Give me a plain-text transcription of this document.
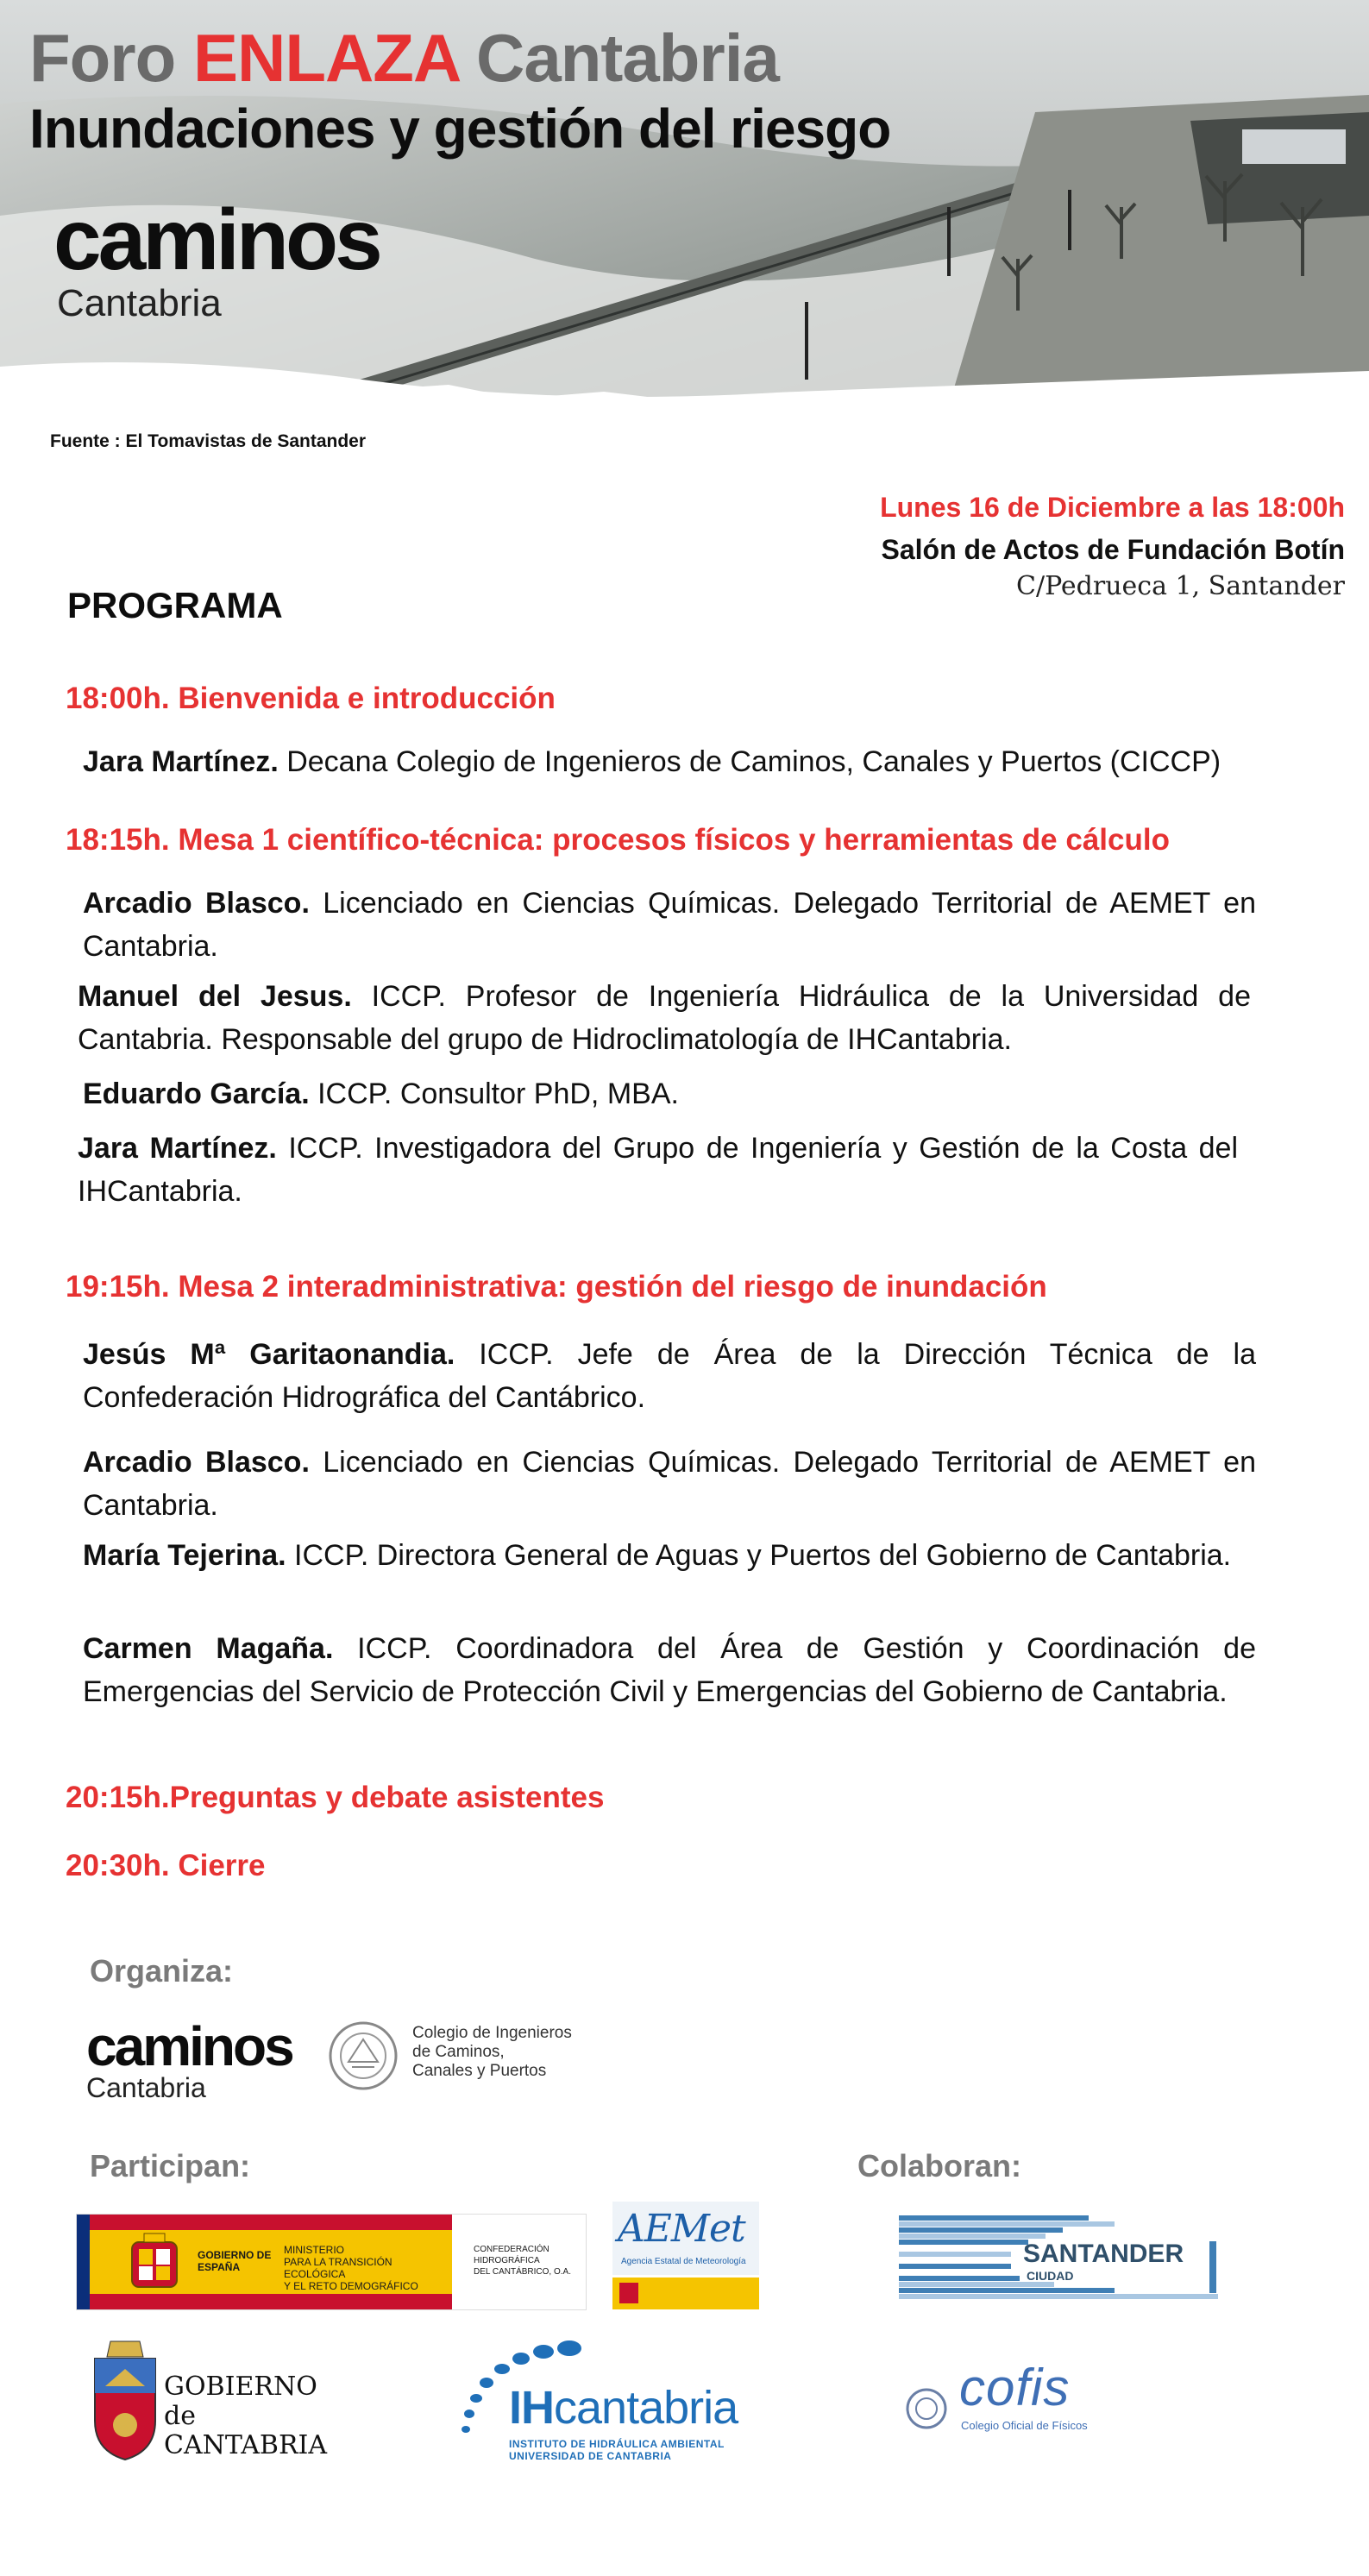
Foro ENLAZA Cantabria
Inundaciones y gestión del riesgo
caminos
Cantabria
Fuente : El Tomavistas de Santander
Lunes 16 de Diciembre a las 18:00h
Salón de Actos de Fundación Botín
C/Pedrueca 1, Santander
PROGRAMA
18:00h. Bienvenida e introducción
Jara Martínez. Decana Colegio de Ingenieros de Caminos, Canales y Puertos (CICCP)
18:15h. Mesa 1 científico-técnica: procesos físicos y herramientas de cálculo
Arcadio Blasco. Licenciado en Ciencias Químicas. Delegado Territorial de AEMET en Cantabria.
Manuel del Jesus. ICCP. Profesor de Ingeniería Hidráulica de la Universidad de Cantabria. Responsable del grupo de Hidroclimatología de IHCantabria.
Eduardo García. ICCP. Consultor PhD, MBA.
Jara Martínez. ICCP. Investigadora del Grupo de Ingeniería y Gestión de la Costa del IHCantabria.
19:15h. Mesa 2 interadministrativa: gestión del riesgo de inundación
Jesús Mª Garitaonandia. ICCP. Jefe de Área de la Dirección Técnica de la Confederación Hidrográfica del Cantábrico.
Arcadio Blasco. Licenciado en Ciencias Químicas. Delegado Territorial de AEMET en Cantabria.
María Tejerina. ICCP. Directora General de Aguas y Puertos del Gobierno de Cantabria.
Carmen Magaña. ICCP. Coordinadora del Área de Gestión y Coordinación de Emergencias del Servicio de Protección Civil y Emergencias del Gobierno de Cantabria.
20:15h.Preguntas y debate asistentes
20:30h. Cierre
Organiza:
caminos
Cantabria
Colegio de Ingenieros
de Caminos,
Canales y Puertos
Participan:	Colaboran:
GOBIERNO DE ESPAÑA
MINISTERIO
PARA LA TRANSICIÓN ECOLÓGICA
Y EL RETO DEMOGRÁFICO
CONFEDERACIÓN
HIDROGRÁFICA
DEL CANTÁBRICO, O.A.
AEMet
Agencia Estatal de Meteorología	SANTANDER
CIUDAD
GOBIERNO
de
CANTABRIA
IHcantabria
INSTITUTO DE HIDRÁULICA AMBIENTAL
UNIVERSIDAD DE CANTABRIA
cofis
Colegio Oficial de Físicos
